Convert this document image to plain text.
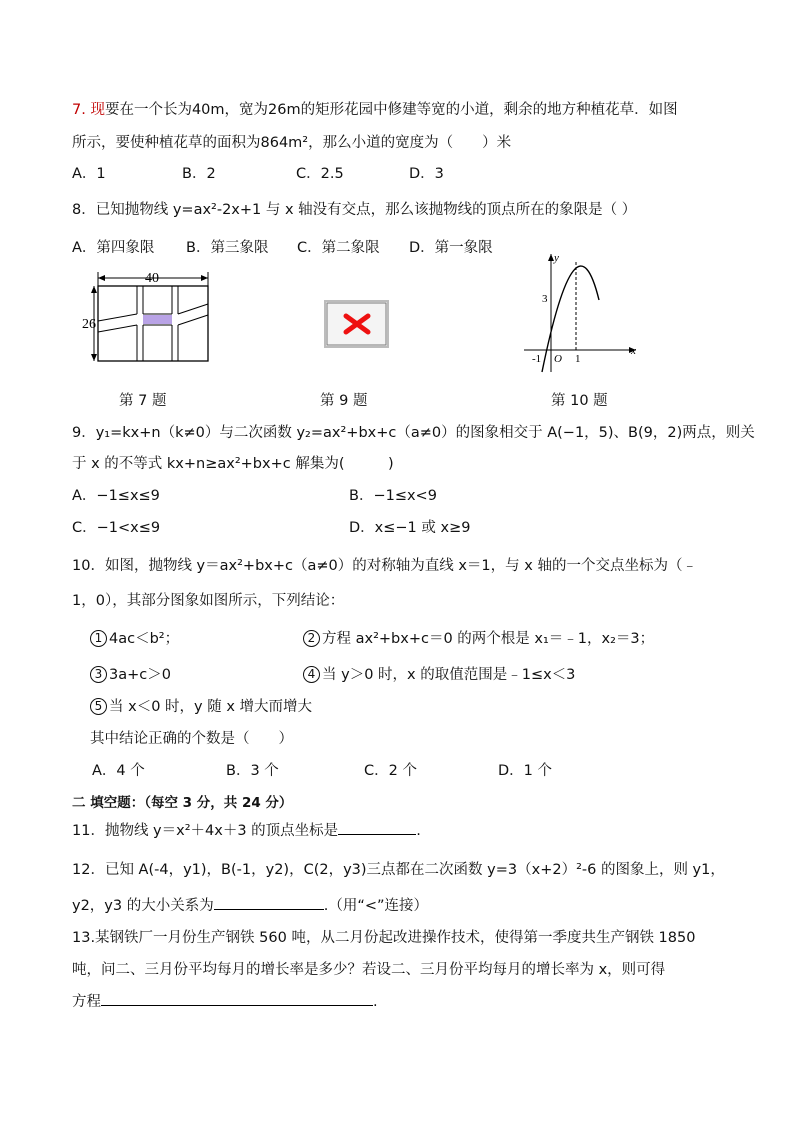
7. 现要在一个长为40m，宽为26m的矩形花园中修建等宽的小道，剩余的地方种植花草．如图
所示，要使种植花草的面积为864m²，那么小道的宽度为（　　）米
A．1	B．2	C．2.5	D．3
8．已知抛物线 y=ax²-2x+1 与 x 轴没有交点，那么该抛物线的顶点所在的象限是（ ）
A．第四象限 B．第三象限 C．第二象限 D．第一象限
40
26
y
x
3
-1 O 1
第 7 题	第 9 题	第 10 题
9．y₁=kx+n（k≠0）与二次函数 y₂=ax²+bx+c（a≠0）的图象相交于 A(−1，5)、B(9，2)两点，则关
于 x 的不等式 kx+n≥ax²+bx+c 解集为(　　　)
A．−1≤x≤9	B．−1≤x<9
C．−1<x≤9	D．x≤−1 或 x≥9
10．如图，抛物线 y＝ax²+bx+c（a≠0）的对称轴为直线 x＝1，与 x 轴的一个交点坐标为（﹣
1，0），其部分图象如图所示，下列结论：
1 4ac＜b²；	2 方程 ax²+bx+c＝0 的两个根是 x₁＝﹣1，x₂＝3；
3 3a+c＞0	4 当 y＞0 时，x 的取值范围是﹣1≤x＜3
5 当 x＜0 时，y 随 x 增大而增大
其中结论正确的个数是（　　）
A．4 个	B．3 个	C．2 个	D．1 个
二 填空题：（每空 3 分，共 24 分）
11．抛物线 y＝x²＋4x＋3 的顶点坐标是	.
12．已知 A(-4，y1)，B(-1，y2)，C(2，y3)三点都在二次函数 y=3（x+2）²-6 的图象上，则 y1，
y2，y3 的大小关系为	.（用“<”连接）
13.某钢铁厂一月份生产钢铁 560 吨，从二月份起改进操作技术，使得第一季度共生产钢铁 1850
吨，问二、三月份平均每月的增长率是多少？若设二、三月份平均每月的增长率为 x，则可得
方程	.
